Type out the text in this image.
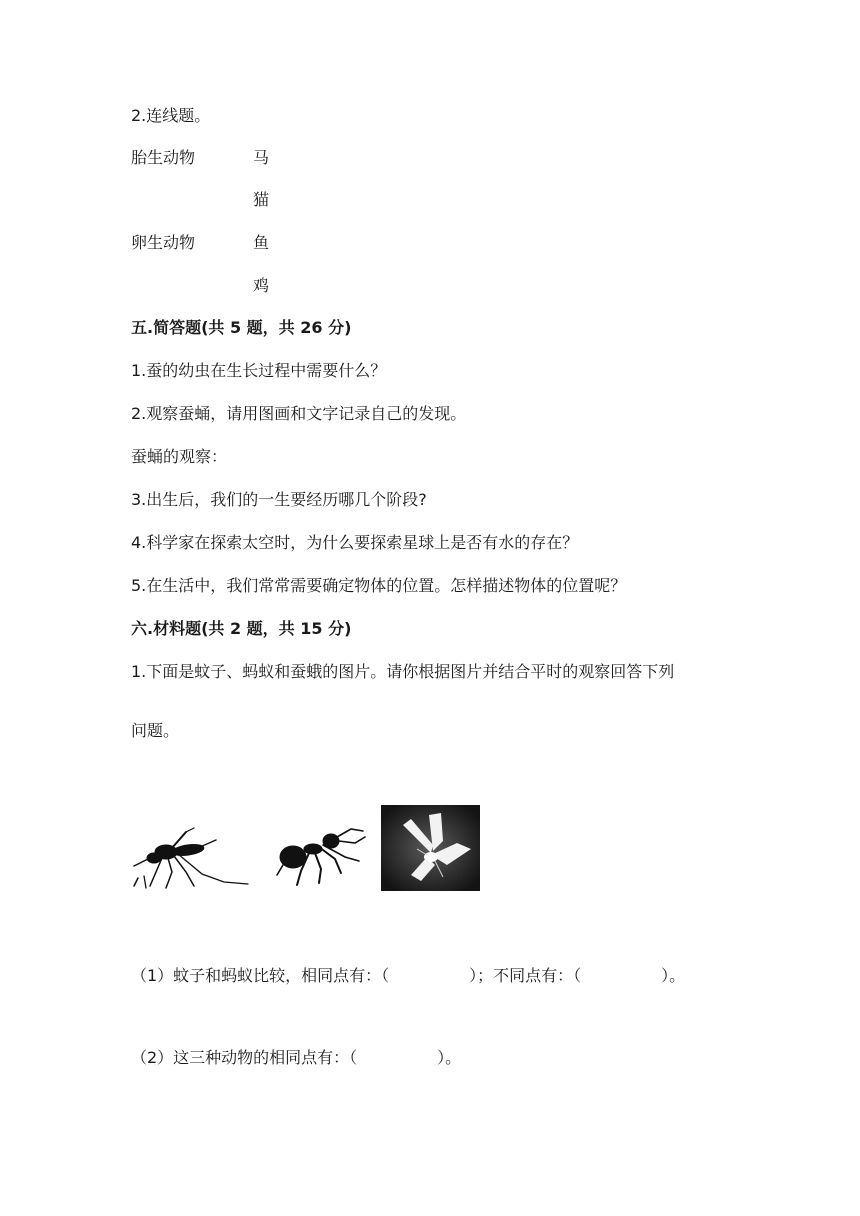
2.连线题。
胎生动物
卵生动物
马
猫
鱼
鸡
五.简答题(共 5 题，共 26 分)
1.蚕的幼虫在生长过程中需要什么？
2.观察蚕蛹，请用图画和文字记录自己的发现。
蚕蛹的观察：
3.出生后，我们的一生要经历哪几个阶段?
4.科学家在探索太空时，为什么要探索星球上是否有水的存在？
5.在生活中，我们常常需要确定物体的位置。怎样描述物体的位置呢？
六.材料题(共 2 题，共 15 分)
1.下面是蚊子、蚂蚁和蚕蛾的图片。请你根据图片并结合平时的观察回答下列
问题。
（1）蚊子和蚂蚁比较，相同点有：（　　　　　）；不同点有：（　　　　　）。
（2）这三种动物的相同点有：（　　　　　）。
